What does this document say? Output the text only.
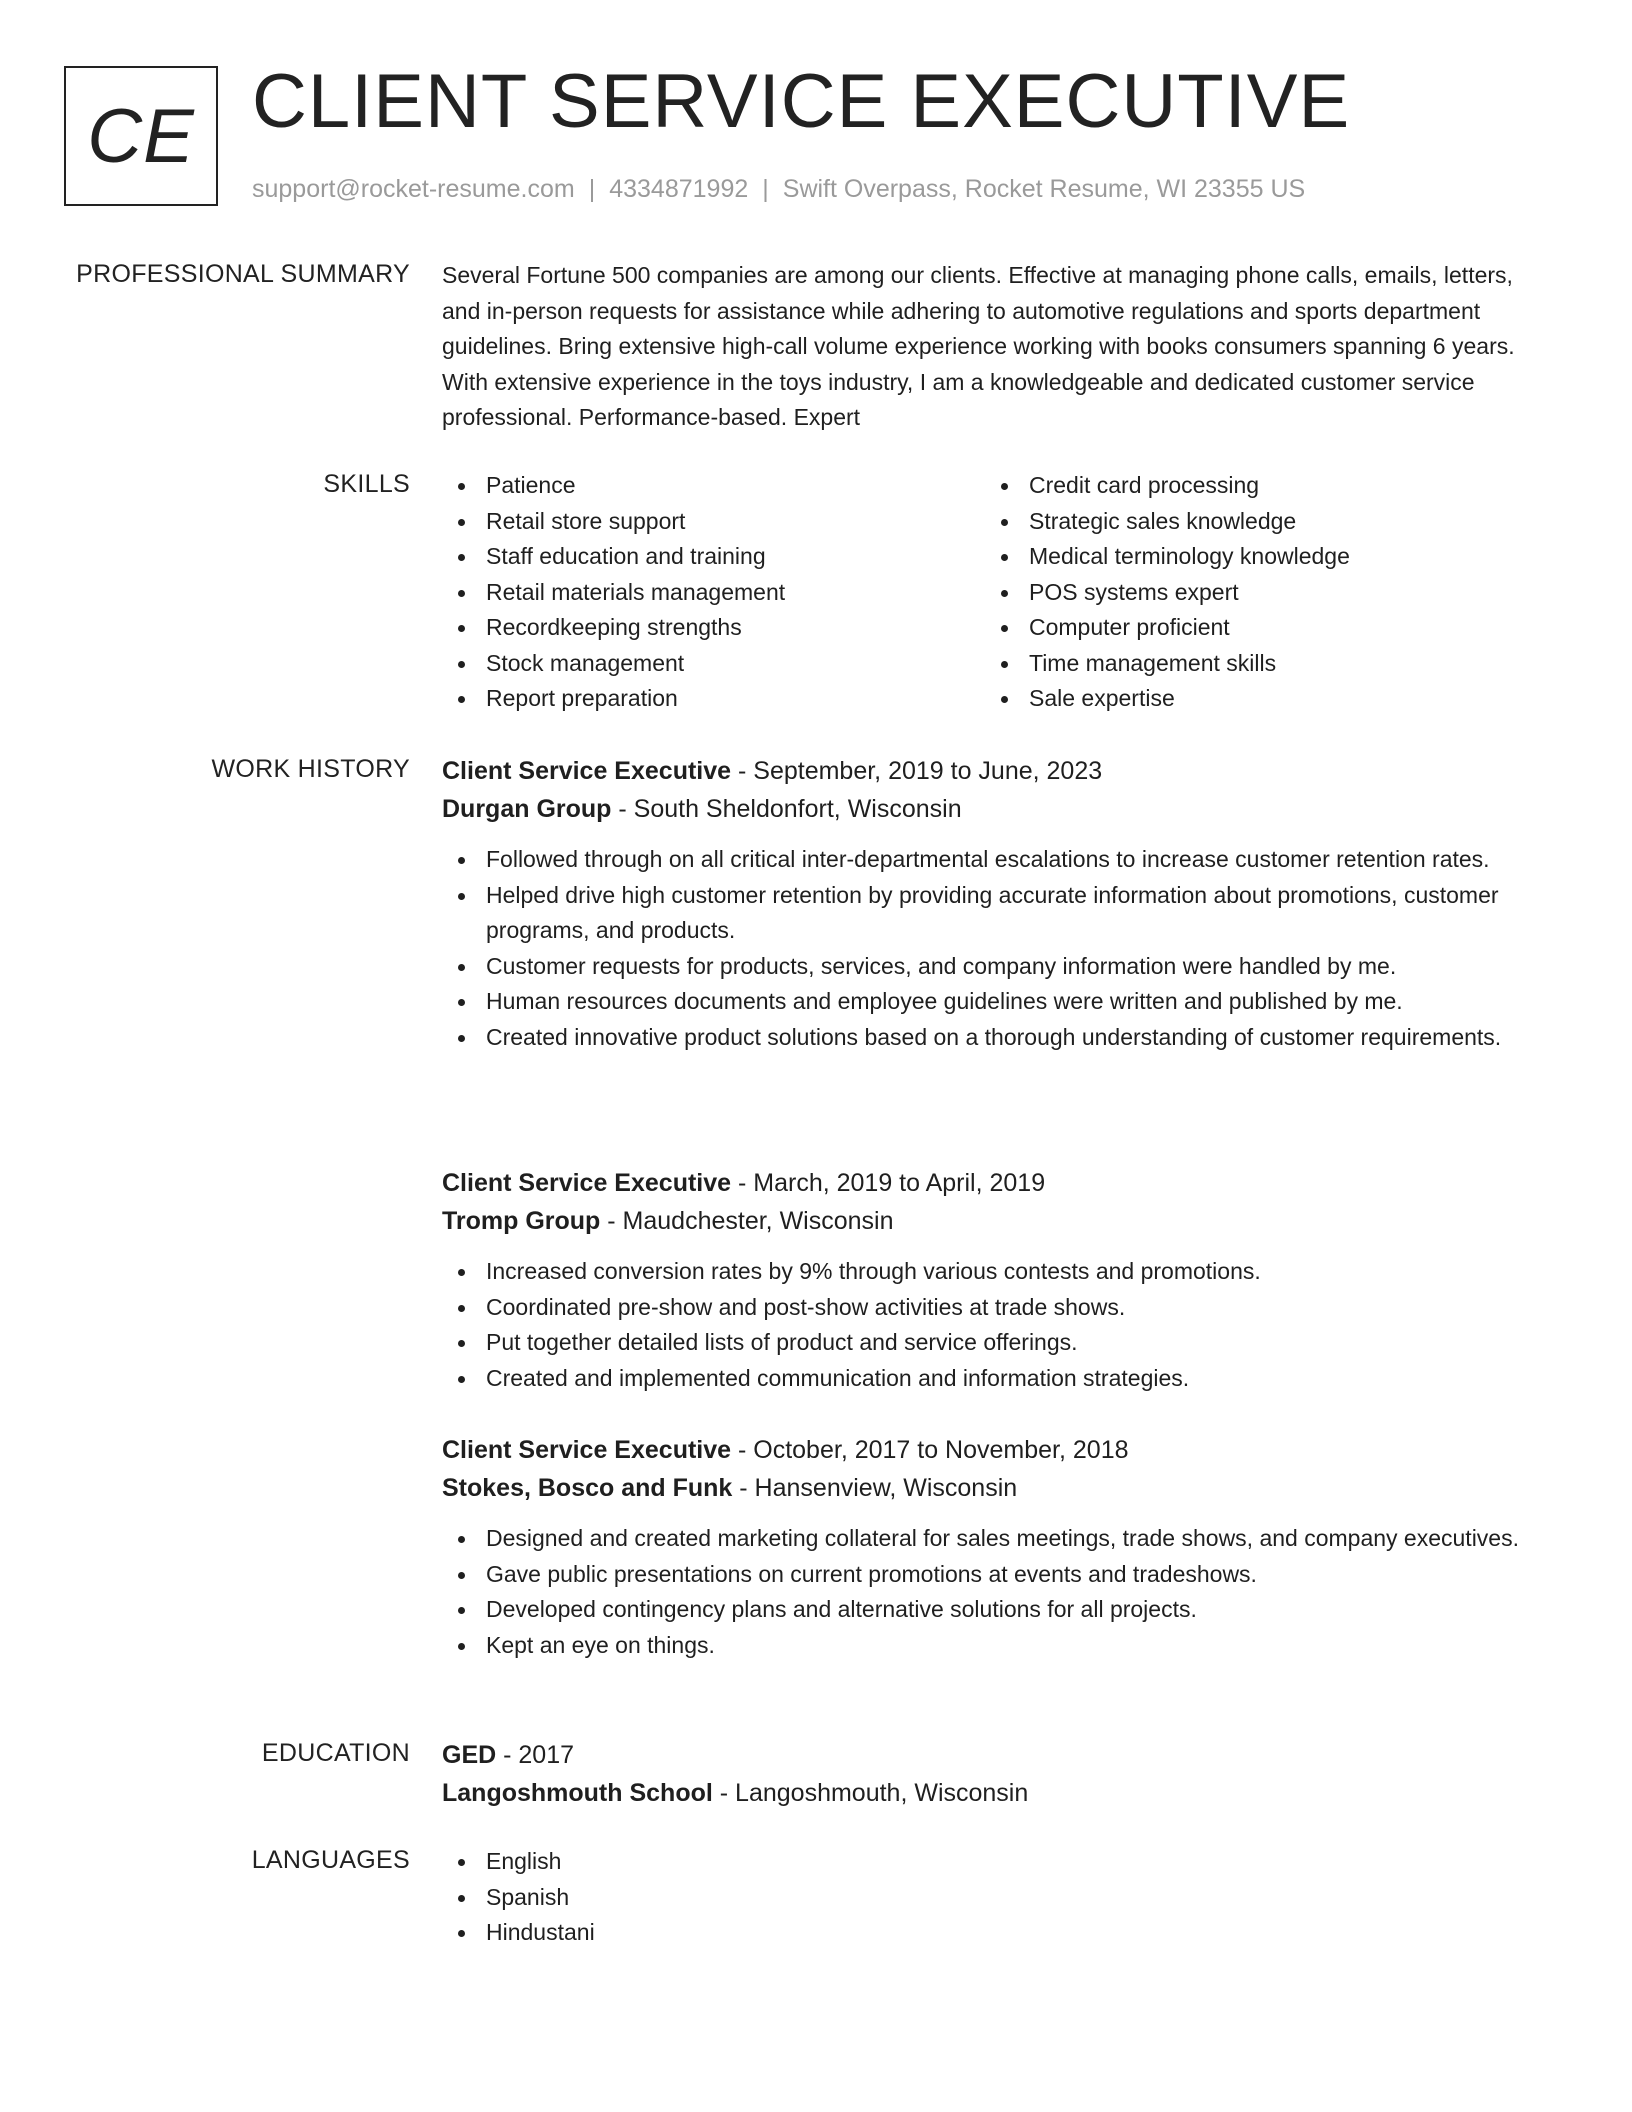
CE CLIENT SERVICE EXECUTIVE
support@rocket-resume.com | 4334871992 | Swift Overpass, Rocket Resume, WI 23355 US
PROFESSIONAL SUMMARY Several Fortune 500 companies are among our clients. Effective at managing phone calls, emails, letters, and in-person requests for assistance while adhering to automotive regulations and sports department guidelines. Bring extensive high-call volume experience working with books consumers spanning 6 years. With extensive experience in the toys industry, I am a knowledgeable and dedicated customer service professional. Performance-based. Expert

SKILLS	Patience
Retail store support
Staff education and training
Retail materials management
Recordkeeping strengths
Stock management
Report preparation
Credit card processing
Strategic sales knowledge
Medical terminology knowledge
POS systems expert
Computer proficient
Time management skills
Sale expertise
WORK HISTORY Client Service Executive - September, 2019 to June, 2023
Durgan Group - South Sheldonfort, Wisconsin
Followed through on all critical inter-departmental escalations to increase customer retention rates.
Helped drive high customer retention by providing accurate information about promotions, customer programs, and products.
Customer requests for products, services, and company information were handled by me.
Human resources documents and employee guidelines were written and published by me.
Created innovative product solutions based on a thorough understanding of customer requirements.
Client Service Executive - March, 2019 to April, 2019
Tromp Group - Maudchester, Wisconsin
Increased conversion rates by 9% through various contests and promotions.
Coordinated pre-show and post-show activities at trade shows.
Put together detailed lists of product and service offerings.
Created and implemented communication and information strategies.
Client Service Executive - October, 2017 to November, 2018
Stokes, Bosco and Funk - Hansenview, Wisconsin
Designed and created marketing collateral for sales meetings, trade shows, and company executives.
Gave public presentations on current promotions at events and tradeshows.
Developed contingency plans and alternative solutions for all projects.
Kept an eye on things.
EDUCATION GED - 2017
Langoshmouth School - Langoshmouth, Wisconsin
LANGUAGES	English
Spanish
Hindustani
